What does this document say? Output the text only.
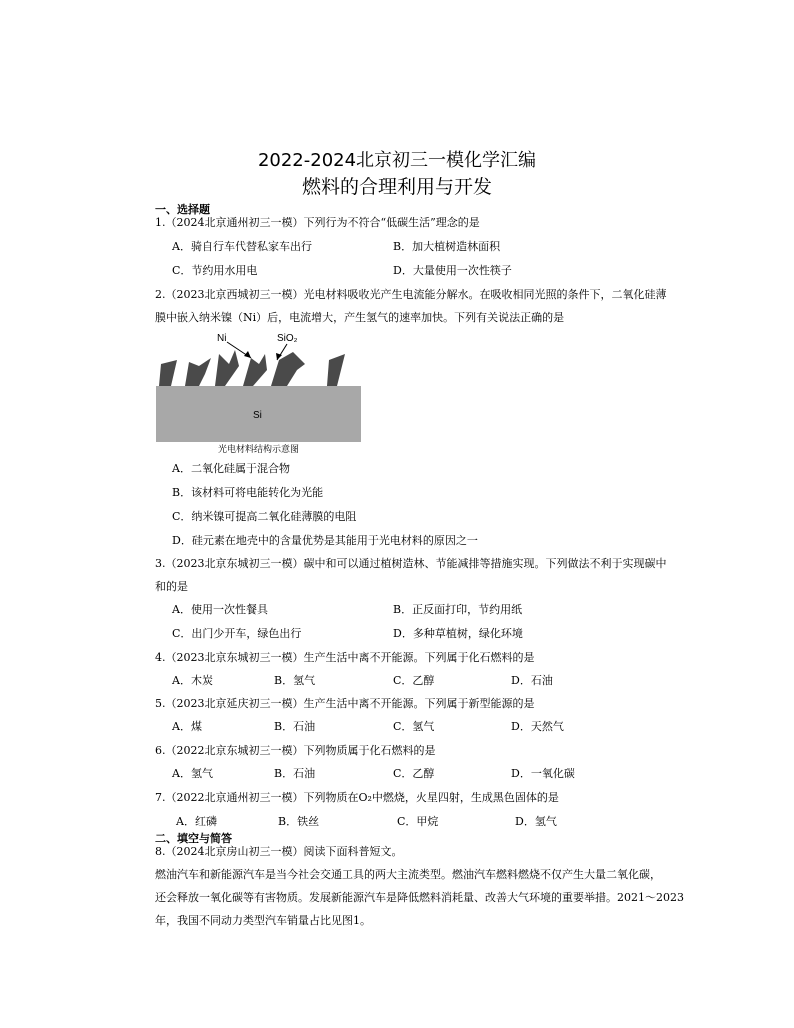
2022-2024北京初三一模化学汇编
燃料的合理利用与开发
一、选择题
1.（2024北京通州初三一模）下列行为不符合“低碳生活”理念的是
A．骑自行车代替私家车出行	B．加大植树造林面积
C．节约用水用电	D．大量使用一次性筷子
2.（2023北京西城初三一模）光电材料吸收光产生电流能分解水。在吸收相同光照的条件下，二氧化硅薄
膜中嵌入纳米镍（Ni）后，电流增大，产生氢气的速率加快。下列有关说法正确的是
Ni	SiO₂
Si
光电材料结构示意图
A．二氧化硅属于混合物
B．该材料可将电能转化为光能
C．纳米镍可提高二氧化硅薄膜的电阻
D．硅元素在地壳中的含量优势是其能用于光电材料的原因之一
3.（2023北京东城初三一模）碳中和可以通过植树造林、节能减排等措施实现。下列做法不利于实现碳中
和的是
A．使用一次性餐具	B．正反面打印，节约用纸
C．出门少开车，绿色出行	D．多种草植树，绿化环境
4.（2023北京东城初三一模）生产生活中离不开能源。下列属于化石燃料的是
A．木炭	B．氢气	C．乙醇	D．石油
5.（2023北京延庆初三一模）生产生活中离不开能源。下列属于新型能源的是
A．煤	B．石油	C．氢气	D．天然气
6.（2022北京东城初三一模）下列物质属于化石燃料的是
A．氢气	B．石油	C．乙醇	D．一氧化碳
7.（2022北京通州初三一模）下列物质在O₂中燃烧，火星四射，生成黑色固体的是
A．红磷	B．铁丝	C．甲烷	D．氢气
二、填空与简答
8.（2024北京房山初三一模）阅读下面科普短文。
燃油汽车和新能源汽车是当今社会交通工具的两大主流类型。燃油汽车燃料燃烧不仅产生大量二氧化碳，
还会释放一氧化碳等有害物质。发展新能源汽车是降低燃料消耗量、改善大气环境的重要举措。2021～2023
年，我国不同动力类型汽车销量占比见图1。
